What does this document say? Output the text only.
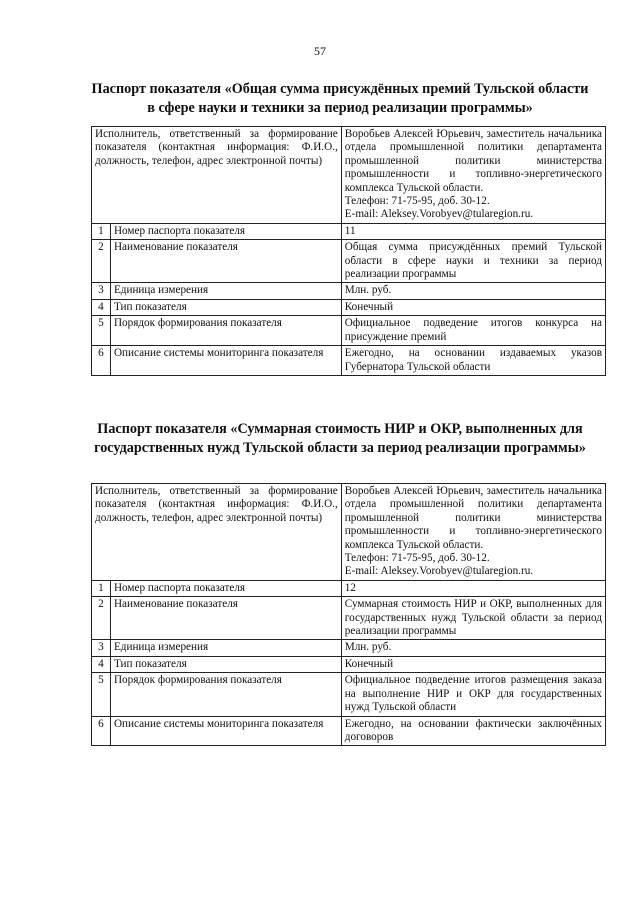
57
Паспорт показателя «Общая сумма присуждённых премий Тульской области в сфере науки и техники за период реализации программы»
Исполнитель, ответственный за формирование показателя (контактная информация: Ф.И.О., должность, телефон, адрес электронной почты)		Воробьев Алексей Юрьевич, заместитель начальника отдела промышленной политики департамента промышленной политики министерства промышленности и топливно-энергетического комплекса Тульской области.
Телефон: 71-75-95, доб. 30-12.
E-mail: Aleksey.Vorobyev@tularegion.ru.

1	Номер паспорта показателя	11
2	Наименование показателя	Общая сумма присуждённых премий Тульской области в сфере науки и техники за период реализации программы
3	Единица измерения	Млн. руб.
4	Тип показателя	Конечный
5	Порядок формирования показателя	Официальное подведение итогов конкурса на присуждение премий
6	Описание системы мониторинга показателя	Ежегодно, на основании издаваемых указов Губернатора Тульской области
Паспорт показателя «Суммарная стоимость НИР и ОКР, выполненных для государственных нужд Тульской области за период реализации программы»
Исполнитель, ответственный за формирование показателя (контактная информация: Ф.И.О., должность, телефон, адрес электронной почты)		Воробьев Алексей Юрьевич, заместитель начальника отдела промышленной политики департамента промышленной политики министерства промышленности и топливно-энергетического комплекса Тульской области.
Телефон: 71-75-95, доб. 30-12.
E-mail: Aleksey.Vorobyev@tularegion.ru.

1	Номер паспорта показателя	12
2	Наименование показателя	Суммарная стоимость НИР и ОКР, выполненных для государственных нужд Тульской области за период реализации программы
3	Единица измерения	Млн. руб.
4	Тип показателя	Конечный
5	Порядок формирования показателя	Официальное подведение итогов размещения заказа на выполнение НИР и ОКР для государственных нужд Тульской области
6	Описание системы мониторинга показателя	Ежегодно, на основании фактически заключённых договоров
